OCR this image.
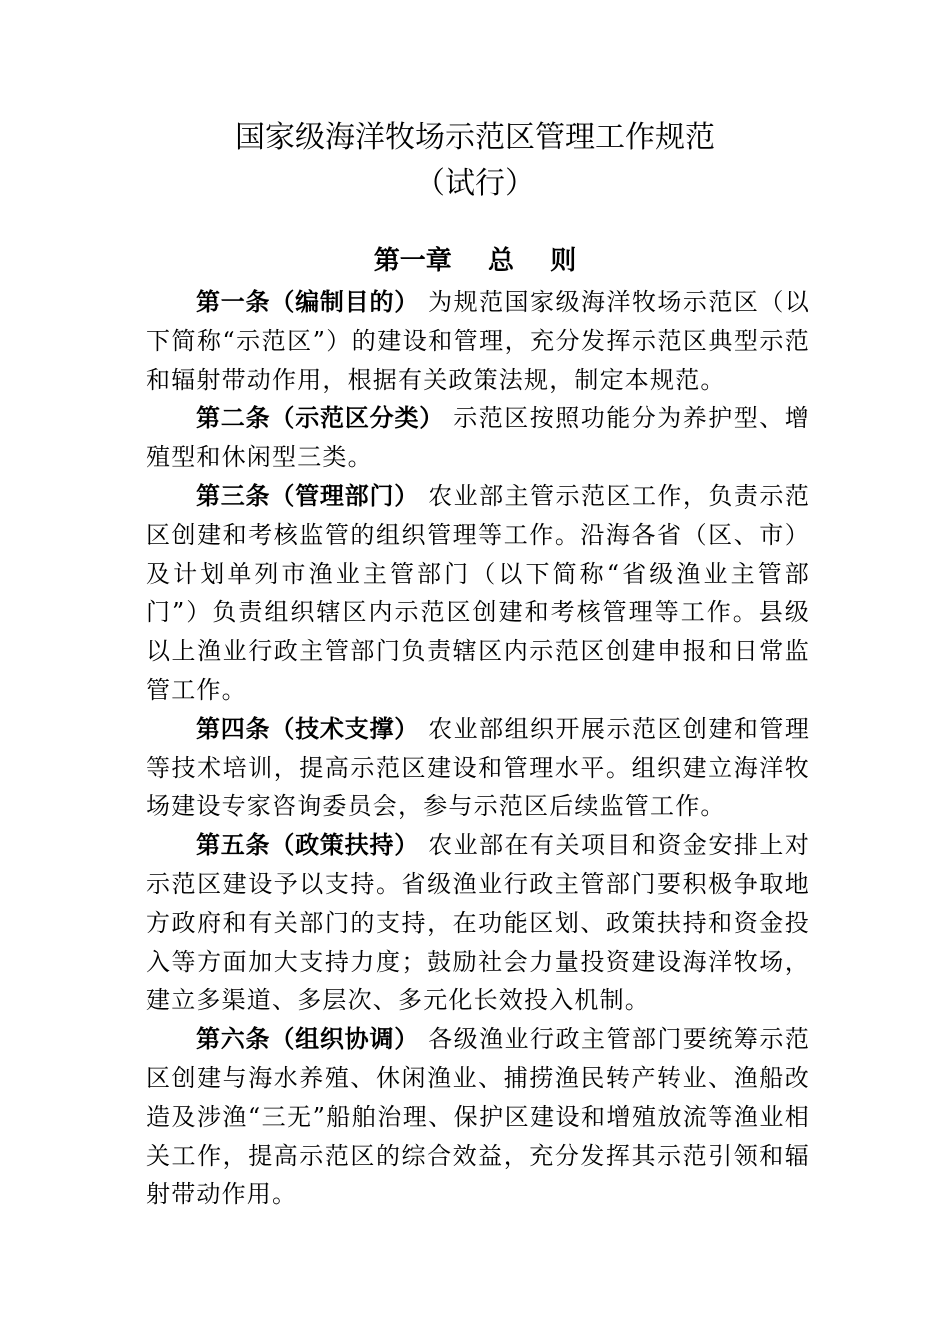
国家级海洋牧场示范区管理工作规范
（试行）
第一章    总    则

第一条（编制目的） 为规范国家级海洋牧场示范区（以下简称“示范区”）的建设和管理，充分发挥示范区典型示范和辐射带动作用，根据有关政策法规，制定本规范。

第二条（示范区分类） 示范区按照功能分为养护型、增殖型和休闲型三类。

第三条（管理部门） 农业部主管示范区工作，负责示范区创建和考核监管的组织管理等工作。沿海各省（区、市）及计划单列市渔业主管部门（以下简称“省级渔业主管部门”）负责组织辖区内示范区创建和考核管理等工作。县级以上渔业行政主管部门负责辖区内示范区创建申报和日常监管工作。

第四条（技术支撑） 农业部组织开展示范区创建和管理等技术培训，提高示范区建设和管理水平。组织建立海洋牧场建设专家咨询委员会，参与示范区后续监管工作。

第五条（政策扶持） 农业部在有关项目和资金安排上对示范区建设予以支持。省级渔业行政主管部门要积极争取地方政府和有关部门的支持，在功能区划、政策扶持和资金投入等方面加大支持力度；鼓励社会力量投资建设海洋牧场，建立多渠道、多层次、多元化长效投入机制。

第六条（组织协调） 各级渔业行政主管部门要统筹示范区创建与海水养殖、休闲渔业、捕捞渔民转产转业、渔船改造及涉渔“三无”船舶治理、保护区建设和增殖放流等渔业相关工作，提高示范区的综合效益，充分发挥其示范引领和辐射带动作用。
